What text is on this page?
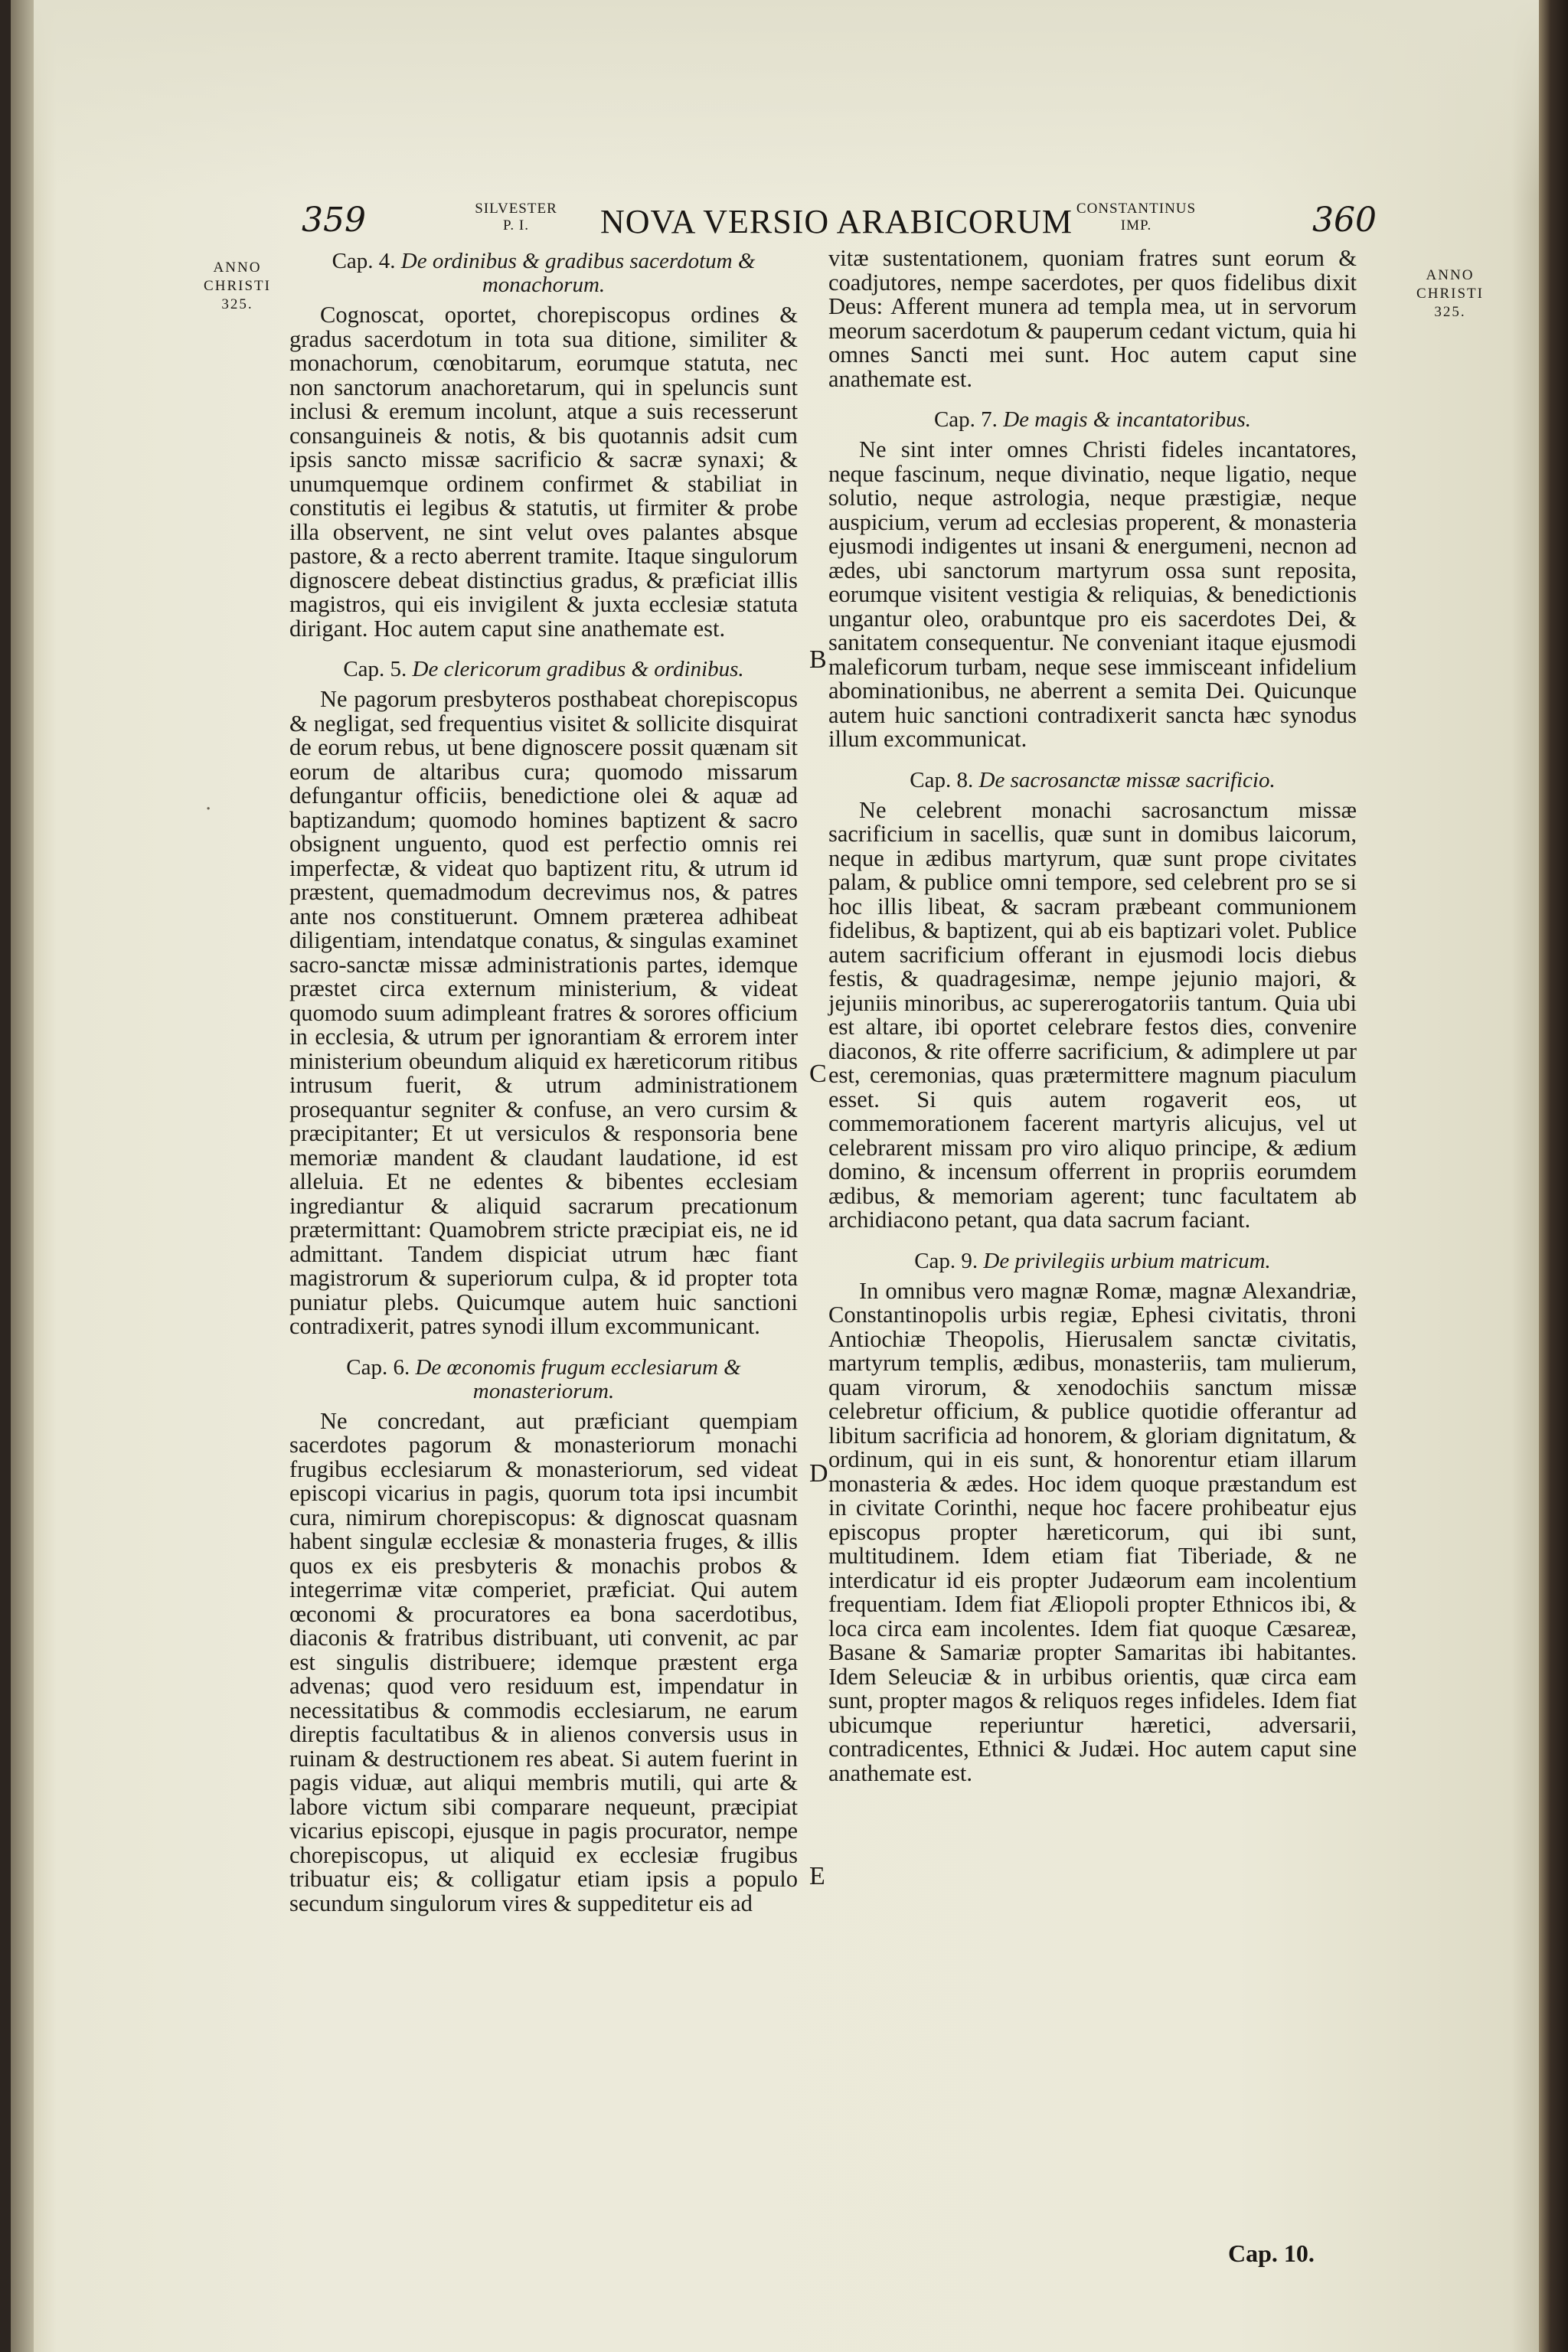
359	SILVESTER
P. I.	NOVA VERSIO ARABICORUM CONSTANTINUS
IMP.	360
ANNO
CHRISTI
325.
ANNO
CHRISTI
325.
B
C
D
E
·
Cap. 4. De ordinibus & gradibus sacerdotum & monachorum.

Cognoscat, oportet, chorepiscopus ordines & gradus sacerdotum in tota sua ditione, similiter & monachorum, cœnobitarum, eorumque statuta, nec non sanctorum anachoretarum, qui in speluncis sunt inclusi & eremum incolunt, atque a suis recesserunt consanguineis & notis, & bis quotannis adsit cum ipsis sancto missæ sacrificio & sacræ synaxi; & unumquemque ordinem confirmet & stabiliat in constitutis ei legibus & statutis, ut firmiter & probe illa observent, ne sint velut oves palantes absque pastore, & a recto aberrent tramite. Itaque singulorum dignoscere debeat distinctius gradus, & præficiat illis magistros, qui eis invigilent & juxta ecclesiæ statuta dirigant. Hoc autem caput sine anathemate est.

Cap. 5. De clericorum gradibus & ordinibus.

Ne pagorum presbyteros posthabeat chorepiscopus & negligat, sed frequentius visitet & sollicite disquirat de eorum rebus, ut bene dignoscere possit quænam sit eorum de altaribus cura; quomodo missarum defungantur officiis, benedictione olei & aquæ ad baptizandum; quomodo homines baptizent & sacro obsignent unguento, quod est perfectio omnis rei imperfectæ, & videat quo baptizent ritu, & utrum id præstent, quemadmodum decrevimus nos, & patres ante nos constituerunt. Omnem præterea adhibeat diligentiam, intendatque conatus, & singulas examinet sacro-sanctæ missæ administrationis partes, idemque præstet circa externum ministerium, & videat quomodo suum adimpleant fratres & sorores officium in ecclesia, & utrum per ignorantiam & errorem inter ministerium obeundum aliquid ex hæreticorum ritibus intrusum fuerit, & utrum administrationem prosequantur segniter & confuse, an vero cursim & præcipitanter; Et ut versiculos & responsoria bene memoriæ mandent & claudant laudatione, id est alleluia. Et ne edentes & bibentes ecclesiam ingrediantur & aliquid sacrarum precationum prætermittant: Quamobrem stricte præcipiat eis, ne id admittant. Tandem dispiciat utrum hæc fiant magistrorum & superiorum culpa, & id propter tota puniatur plebs. Quicumque autem huic sanctioni contradixerit, patres synodi illum excommunicant.

Cap. 6. De œconomis frugum ecclesiarum & monasteriorum.

Ne concredant, aut præficiant quempiam sacerdotes pagorum & monasteriorum monachi frugibus ecclesiarum & monasteriorum, sed videat episcopi vicarius in pagis, quorum tota ipsi incumbit cura, nimirum chorepiscopus: & dignoscat quasnam habent singulæ ecclesiæ & monasteria fruges, & illis quos ex eis presbyteris & monachis probos & integerrimæ vitæ comperiet, præficiat. Qui autem œconomi & procuratores ea bona sacerdotibus, diaconis & fratribus distribuant, uti convenit, ac par est singulis distribuere; idemque præstent erga advenas; quod vero residuum est, impendatur in necessitatibus & commodis ecclesiarum, ne earum direptis facultatibus & in alienos conversis usus in ruinam & destructionem res abeat. Si autem fuerint in pagis viduæ, aut aliqui membris mutili, qui arte & labore victum sibi comparare nequeunt, præcipiat vicarius episcopi, ejusque in pagis procurator, nempe chorepiscopus, ut aliquid ex ecclesiæ frugibus tribuatur eis; & colligatur etiam ipsis a populo secundum singulorum vires & suppeditetur eis ad

vitæ sustentationem, quoniam fratres sunt eorum & coadjutores, nempe sacerdotes, per quos fidelibus dixit Deus: Afferent munera ad templa mea, ut in servorum meorum sacerdotum & pauperum cedant victum, quia hi omnes Sancti mei sunt. Hoc autem caput sine anathemate est.

Cap. 7. De magis & incantatoribus.

Ne sint inter omnes Christi fideles incantatores, neque fascinum, neque divinatio, neque ligatio, neque solutio, neque astrologia, neque præstigiæ, neque auspicium, verum ad ecclesias properent, & monasteria ejusmodi indigentes ut insani & energumeni, necnon ad ædes, ubi sanctorum martyrum ossa sunt reposita, eorumque visitent vestigia & reliquias, & benedictionis ungantur oleo, orabuntque pro eis sacerdotes Dei, & sanitatem consequentur. Ne conveniant itaque ejusmodi maleficorum turbam, neque sese immisceant infidelium abominationibus, ne aberrent a semita Dei. Quicunque autem huic sanctioni contradixerit sancta hæc synodus illum excommunicat.

Cap. 8. De sacrosanctæ missæ sacrificio.

Ne celebrent monachi sacrosanctum missæ sacrificium in sacellis, quæ sunt in domibus laicorum, neque in ædibus martyrum, quæ sunt prope civitates palam, & publice omni tempore, sed celebrent pro se si hoc illis libeat, & sacram præbeant communionem fidelibus, & baptizent, qui ab eis baptizari volet. Publice autem sacrificium offerant in ejusmodi locis diebus festis, & quadragesimæ, nempe jejunio majori, & jejuniis minoribus, ac supererogatoriis tantum. Quia ubi est altare, ibi oportet celebrare festos dies, convenire diaconos, & rite offerre sacrificium, & adimplere ut par est, ceremonias, quas prætermittere magnum piaculum esset. Si quis autem rogaverit eos, ut commemorationem facerent martyris alicujus, vel ut celebrarent missam pro viro aliquo principe, & ædium domino, & incensum offerrent in propriis eorumdem ædibus, & memoriam agerent; tunc facultatem ab archidiacono petant, qua data sacrum faciant.

Cap. 9. De privilegiis urbium matricum.

In omnibus vero magnæ Romæ, magnæ Alexandriæ, Constantinopolis urbis regiæ, Ephesi civitatis, throni Antiochiæ Theopolis, Hierusalem sanctæ civitatis, martyrum templis, ædibus, monasteriis, tam mulierum, quam virorum, & xenodochiis sanctum missæ celebretur officium, & publice quotidie offerantur ad libitum sacrificia ad honorem, & gloriam dignitatum, & ordinum, qui in eis sunt, & honorentur etiam illarum monasteria & ædes. Hoc idem quoque præstandum est in civitate Corinthi, neque hoc facere prohibeatur ejus episcopus propter hæreticorum, qui ibi sunt, multitudinem. Idem etiam fiat Tiberiade, & ne interdicatur id eis propter Judæorum eam incolentium frequentiam. Idem fiat Æliopoli propter Ethnicos ibi, & loca circa eam incolentes. Idem fiat quoque Cæsareæ, Basane & Samariæ propter Samaritas ibi habitantes. Idem Seleuciæ & in urbibus orientis, quæ circa eam sunt, propter magos & reliquos reges infideles. Idem fiat ubicumque reperiuntur hæretici, adversarii, contradicentes, Ethnici & Judæi. Hoc autem caput sine anathemate est.

Cap. 10.
